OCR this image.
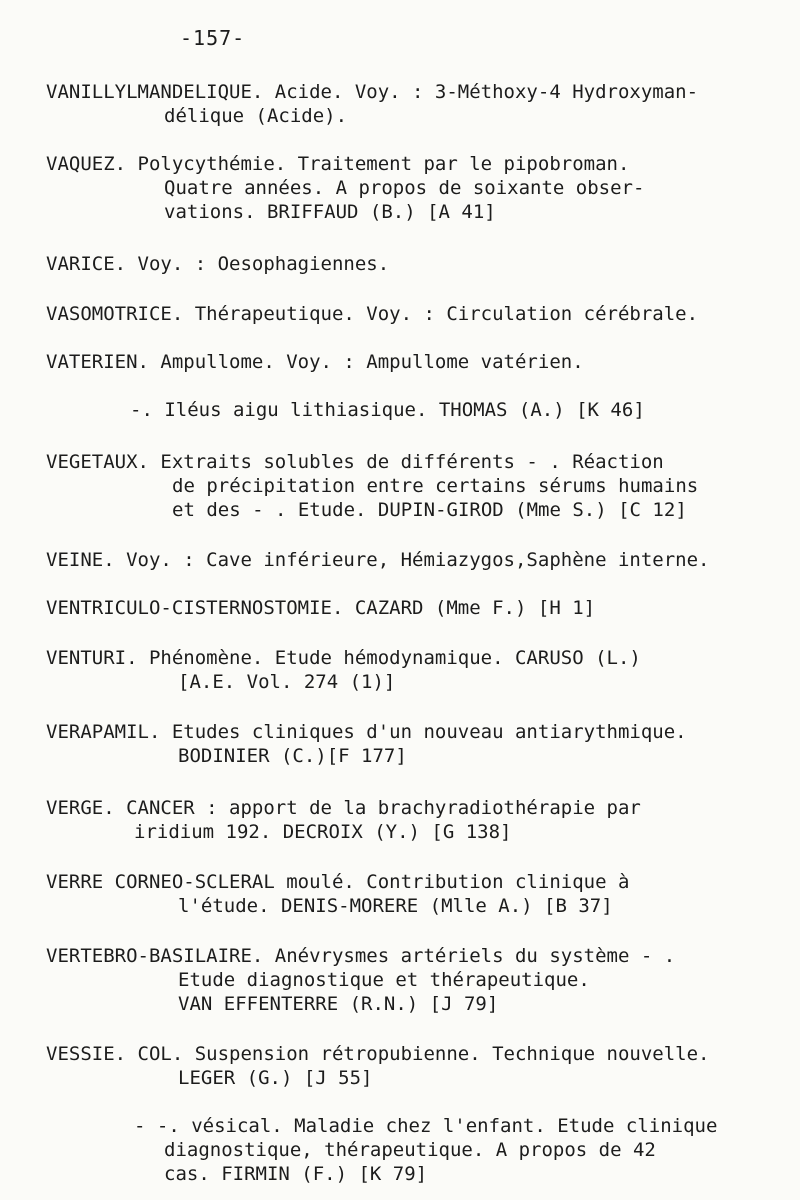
-157-
VANILLYLMANDELIQUE. Acide. Voy. : 3-Méthoxy-4 Hydroxyman-
délique (Acide).
VAQUEZ. Polycythémie. Traitement par le pipobroman.
Quatre années. A propos de soixante obser-
vations. BRIFFAUD (B.) [A 41]
VARICE. Voy. : Oesophagiennes.
VASOMOTRICE. Thérapeutique. Voy. : Circulation cérébrale.
VATERIEN. Ampullome. Voy. : Ampullome vatérien.
-. Iléus aigu lithiasique. THOMAS (A.) [K 46]
VEGETAUX. Extraits solubles de différents - . Réaction
de précipitation entre certains sérums humains
et des - . Etude. DUPIN-GIROD (Mme S.) [C 12]
VEINE. Voy. : Cave inférieure, Hémiazygos,Saphène interne.
VENTRICULO-CISTERNOSTOMIE. CAZARD (Mme F.) [H 1]
VENTURI. Phénomène. Etude hémodynamique. CARUSO (L.)
[A.E. Vol. 274 (1)]
VERAPAMIL. Etudes cliniques d'un nouveau antiarythmique.
BODINIER (C.)[F 177]
VERGE. CANCER : apport de la brachyradiothérapie par
iridium 192. DECROIX (Y.) [G 138]
VERRE CORNEO-SCLERAL moulé. Contribution clinique à
l'étude. DENIS-MORERE (Mlle A.) [B 37]
VERTEBRO-BASILAIRE. Anévrysmes artériels du système - .
Etude diagnostique et thérapeutique.
VAN EFFENTERRE (R.N.) [J 79]
VESSIE. COL. Suspension rétropubienne. Technique nouvelle.
LEGER (G.) [J 55]
- -. vésical. Maladie chez l'enfant. Etude clinique
diagnostique, thérapeutique. A propos de 42
cas. FIRMIN (F.) [K 79]
